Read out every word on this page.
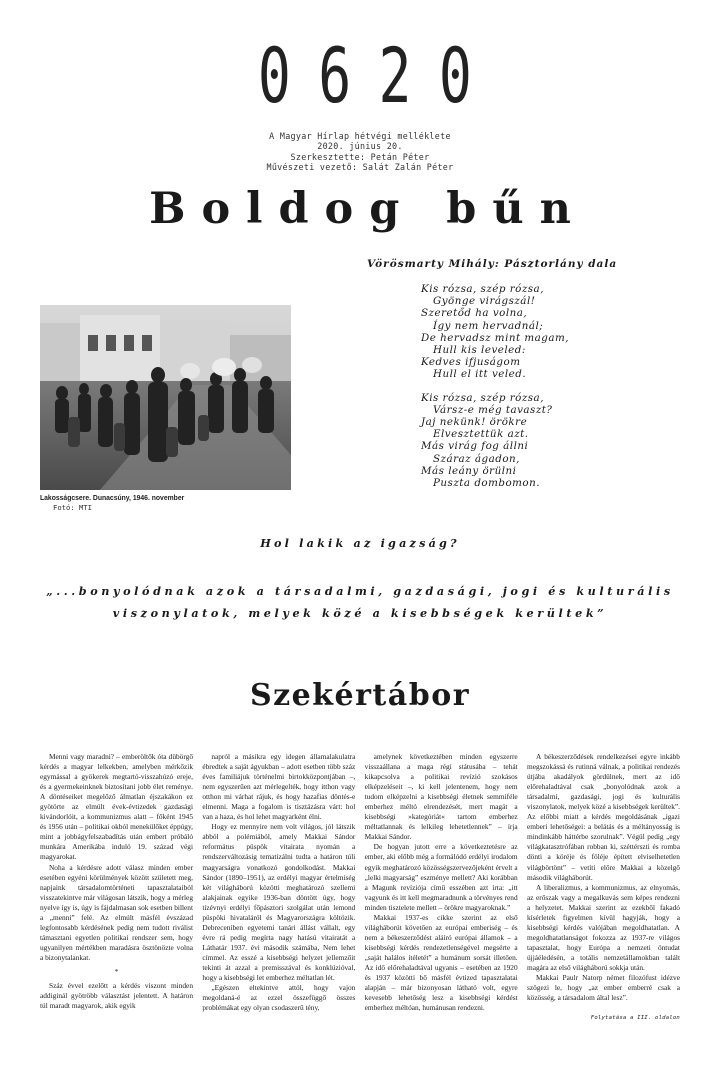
0620
A Magyar Hírlap hétvégi melléklete
2020. június 20.
Szerkesztette: Petán Péter
Művészeti vezető: Salát Zalán Péter
Boldog bűn
Vörösmarty Mihály: Pásztorlány dala
Kis rózsa, szép rózsa,
Gyönge virágszál!
Szeretőd ha volna,
Így nem hervadnál;
De hervadsz mint magam,
Hull kis leveled:
Kedves ifjuságom
Hull el itt veled.
Kis rózsa, szép rózsa,
Vársz-e még tavaszt?
Jaj nekünk! örökre
Elvesztettük azt.
Más virág fog állni
Száraz ágadon,
Más leány örülni
Puszta dombomon.
Lakosságcsere. Dunacsúny, 1946. november
Fotó: MTI
Hol lakik az igazság?
„...bonyolódnak azok a társadalmi, gazdasági, jogi és kulturális viszonylatok, melyek közé a kisebbségek kerültek”
Szekértábor

Menni vagy maradni? – emberöltők óta dübörgő kérdés a magyar lelkekben, amelyben mérkőzik egymással a gyökerek megtartó-visszahúzó ereje, és a gyermekeinknek biztosítani jobb élet reménye. A döntéseiket megelőző álmatlan éjszakákon ez gyötörte az elmúlt évek-évtizedek gazdasági kivándorlóit, a kommunizmus alatt – főként 1945 és 1956 után – politikai okból menekülőket éppúgy, mint a jobbágyfelszabadítás után embert próbáló munkára Amerikába induló 19. század végi magyarokat.

Noha a kérdésre adott válasz minden ember esetében egyéni körülmények között született meg, napjaink társadalomtörténeti tapasztalataiból visszatekintve már világosan látszik, hogy a mérleg nyelve így is, úgy is fájdalmasan sok esetben billent a „menni” felé. Az elmúlt másfél évszázad legfontosabb kérdésének pedig nem tudott riválist támasztani egyetlen politikai rendszer sem, hogy ugyanilyen mértékben maradásra ösztönözte volna a bizonytalankat.

*

Száz évvel ezelőtt a kérdés viszont minden addiginál gyötröbb választást jelentett. A határon túl maradt magyarok, akik egyik

napról a másikra egy idegen államalakulatra ébredtek a saját ágyukban – adott esetben több száz éves familiájuk történelmi birtokközpontjában –, nem egyszerűen azt mérlegelték, hogy itthon vagy otthon mi várhat rájuk, és hogy hazafias döntés-e elmenni. Maga a fogalom is tisztázásra várt: hol van a haza, és hol lehet magyarként élni.

Hogy ez mennyire nem volt világos, jól látszik abból a polémiából, amely Makkai Sándor református püspök vitairata nyomán a rendszerváltozásig tematizálni tudta a határon túli magyarságra vonatkozó gondolkodást. Makkai Sándor (1890–1951), az erdélyi magyar értelmiség két világháború közötti meghatározó szellemi alakjainak egyike 1936-ban döntött úgy, hogy tízévnyi erdélyi főpásztori szolgálat után lemond püspöki hivataláról és Magyarországra költözik. Debreceniben egyetemi tanári állást vállalt, egy évre rá pedig megírta nagy hatású vitairatát a Láthatár 1937. évi második számába, Nem lehet címmel. Az esszé a kisebbségi helyzet jellemzőit tekinti át azzal a premisszával és konklúzióval, hogy a kisebbségi let emberhez méltatlan lét.

„Egészen eltekintve attól, hogy vajon megoldaná-é az ezzel összefüggő összes problémákat egy olyan csodaszerű tény,

amelynek következtében minden egyszerre visszaállana a maga régi státusába – tehát kikapcsolva a politikai revízió szokásos elképzeléseit –, ki kell jelentenem, hogy nem tudom elképzelni a kisebbségi életnek semmiféle emberhez méltó elrendezését, mert magát a kisebbségi »kategóriát« tartom emberhez méltatlannak és lelkileg lehetetlennek” – írja Makkai Sándor.

De hogyan jutott erre a következtetésre az ember, aki előbb még a formálódó erdélyi irodalom egyik meghatározó közösségszervezőjeként érvelt a „lelki magyarság” eszménye mellett? Aki korábban a Magunk revíziója című esszében azt írta: „itt vagyunk és itt kell megmaradnunk a törvényes rend minden tisztelete mellett – örökre magyaroknak.”

Makkai 1937-es cikke szerint az első világháborút követően az európai emberiség – és nem a békeszerződést aláíró európai államok – a kisebbségi kérdés rendezetlenségével megsérte a „saját halálos ítéletét” a humánum sorsát illetően. Az idő előrehaladtával ugyanis – esetében az 1920 és 1937 közötti bő másfél évtized tapasztalatai alapján – már bizonyosan látható volt, egyre kevesebb lehetőség lesz a kisebbségi kérdést emberhez méltóan, humánusan rendezni.

A békeszerződések rendelkezései egyre inkább megszokássá és rutinná válnak, a politikai rendezés útjába akadályok gördülnek, mert az idő előrehaladtával csak „bonyolódnak azok a társadalmi, gazdasági, jogi és kulturális viszonylatok, melyek közé a kisebbségek kerültek”. Az előbbi miatt a kérdés megoldásának „igazi emberi lehetőségei: a belátás és a méltányosság is mindinkább háttérbe szorulnak”. Végül pedig „egy világkatasztrófában robban ki, széttérszti és romba dönti a köréje és föléje épített elviselhetetlen világbörtönt” – vetíti előre Makkai a közelgő második világháborút.

A liberalizmus, a kommunizmus, az elnyomás, az erőszak vagy a megalkuvás sem képes rendezni a helyzetet. Makkai szerint az ezekből fakadó kísérletek figyelmen kívül hagyják, hogy a kisebbségi kérdés valójában megoldhatatlan. A megoldhatatlanságot fokozza az 1937-re világos tapasztalat, hogy Európa a nemzeti öntudat újjáéledésén, a totális nemzetállamokban talált magára az első világháború sokkja után.

Makkai Paulr Natorp német filozófust idézve szögezi le, hogy „az ember emberré csak a közösség, a társadalom által lesz”.

Folytatása a III. oldalon
